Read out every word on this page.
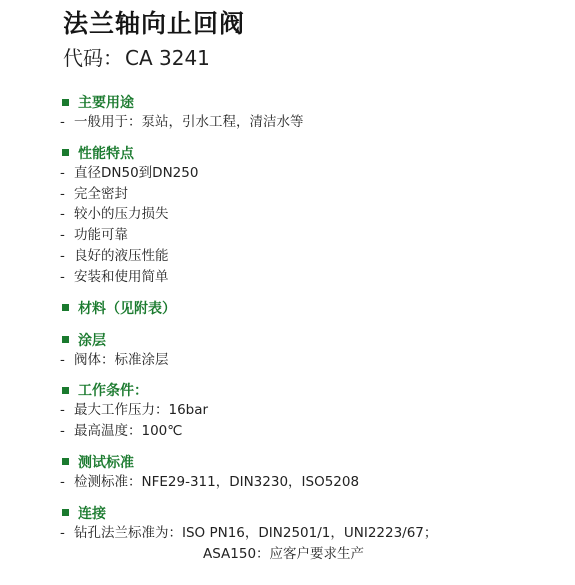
法兰轴向止回阀
代码： CA 3241
主要用途
- 一般用于：泵站，引水工程，清洁水等
性能特点
- 直径DN50到DN250
- 完全密封
- 较小的压力损失
- 功能可靠
- 良好的液压性能
- 安装和使用简单
材料（见附表）
涂层
- 阀体：标准涂层
工作条件：
- 最大工作压力：16bar
- 最高温度：100℃
测试标准
- 检测标准：NFE29-311，DIN3230，ISO5208
连接
- 钻孔法兰标准为：ISO PN16，DIN2501/1，UNI2223/67；
ASA150：应客户要求生产
